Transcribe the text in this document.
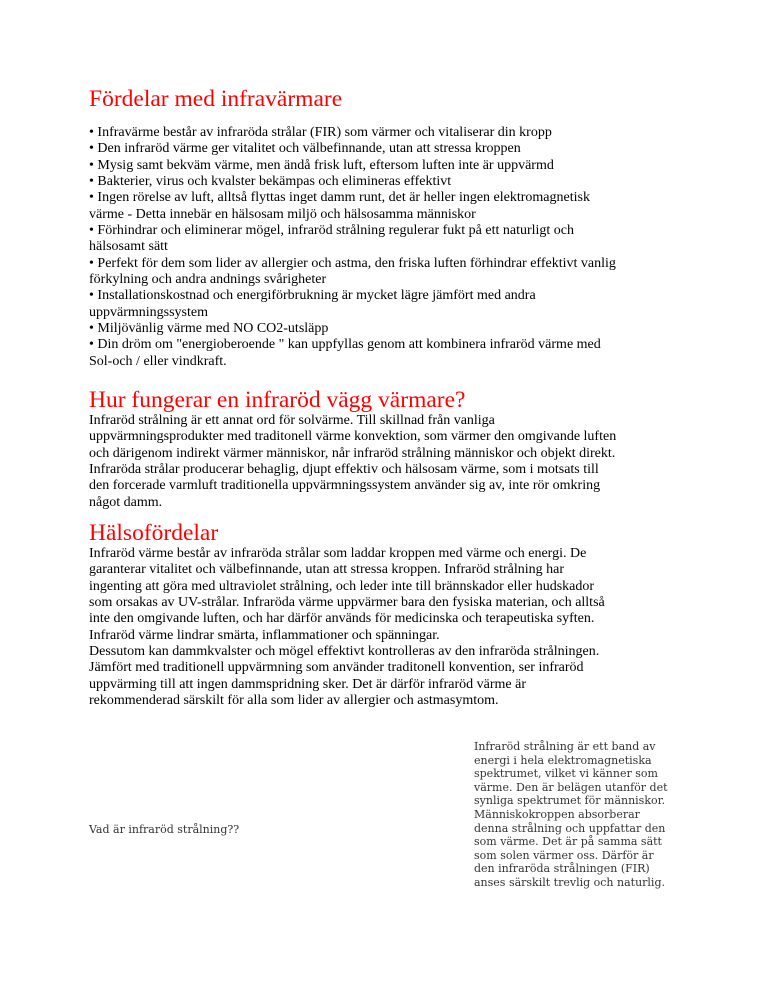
Fördelar med infravärmare
• Infravärme består av infraröda strålar (FIR) som värmer och vitaliserar din kropp
• Den infraröd värme ger vitalitet och välbefinnande, utan att stressa kroppen
• Mysig samt bekväm värme, men ändå frisk luft, eftersom luften inte är uppvärmd
• Bakterier, virus och kvalster bekämpas och elimineras effektivt
• Ingen rörelse av luft, alltså flyttas inget damm runt, det är heller ingen elektromagnetisk
värme - Detta innebär en hälsosam miljö och hälsosamma människor
• Förhindrar och eliminerar mögel, infraröd strålning regulerar fukt på ett naturligt och
hälsosamt sätt
• Perfekt för dem som lider av allergier och astma, den friska luften förhindrar effektivt vanlig
förkylning och andra andnings svårigheter
• Installationskostnad och energiförbrukning är mycket lägre jämfört med andra
uppvärmningssystem
• Miljövänlig värme med NO CO2-utsläpp
• Din dröm om "energioberoende " kan uppfyllas genom att kombinera infraröd värme med
Sol-och / eller vindkraft.
Hur fungerar en infraröd vägg värmare?
Infraröd strålning är ett annat ord för solvärme. Till skillnad från vanliga
uppvärmningsprodukter med traditonell värme konvektion, som värmer den omgivande luften
och därigenom indirekt värmer människor, når infraröd strålning människor och objekt direkt.
Infraröda strålar producerar behaglig, djupt effektiv och hälsosam värme, som i motsats till
den forcerade varmluft traditionella uppvärmningssystem använder sig av, inte rör omkring
något damm.
Hälsofördelar
Infraröd värme består av infraröda strålar som laddar kroppen med värme och energi. De
garanterar vitalitet och välbefinnande, utan att stressa kroppen. Infraröd strålning har
ingenting att göra med ultraviolet strålning, och leder inte till brännskador eller hudskador
som orsakas av UV-strålar. Infraröda värme uppvärmer bara den fysiska materian, och alltså
inte den omgivande luften, och har därför används för medicinska och terapeutiska syften.
Infraröd värme lindrar smärta, inflammationer och spänningar.
Dessutom kan dammkvalster och mögel effektivt kontrolleras av den infraröda strålningen.
Jämfört med traditionell uppvärmning som använder traditonell konvention, ser infraröd
uppvärming till att ingen dammspridning sker. Det är därför infraröd värme är
rekommenderad särskilt för alla som lider av allergier och astmasymtom.
Vad är infraröd strålning??
Infraröd strålning är ett band av
energi i hela elektromagnetiska
spektrumet, vilket vi känner som
värme. Den är belägen utanför det
synliga spektrumet för människor.
Människokroppen absorberar
denna strålning och uppfattar den
som värme. Det är på samma sätt
som solen värmer oss. Därför är
den infraröda strålningen (FIR)
anses särskilt trevlig och naturlig.
